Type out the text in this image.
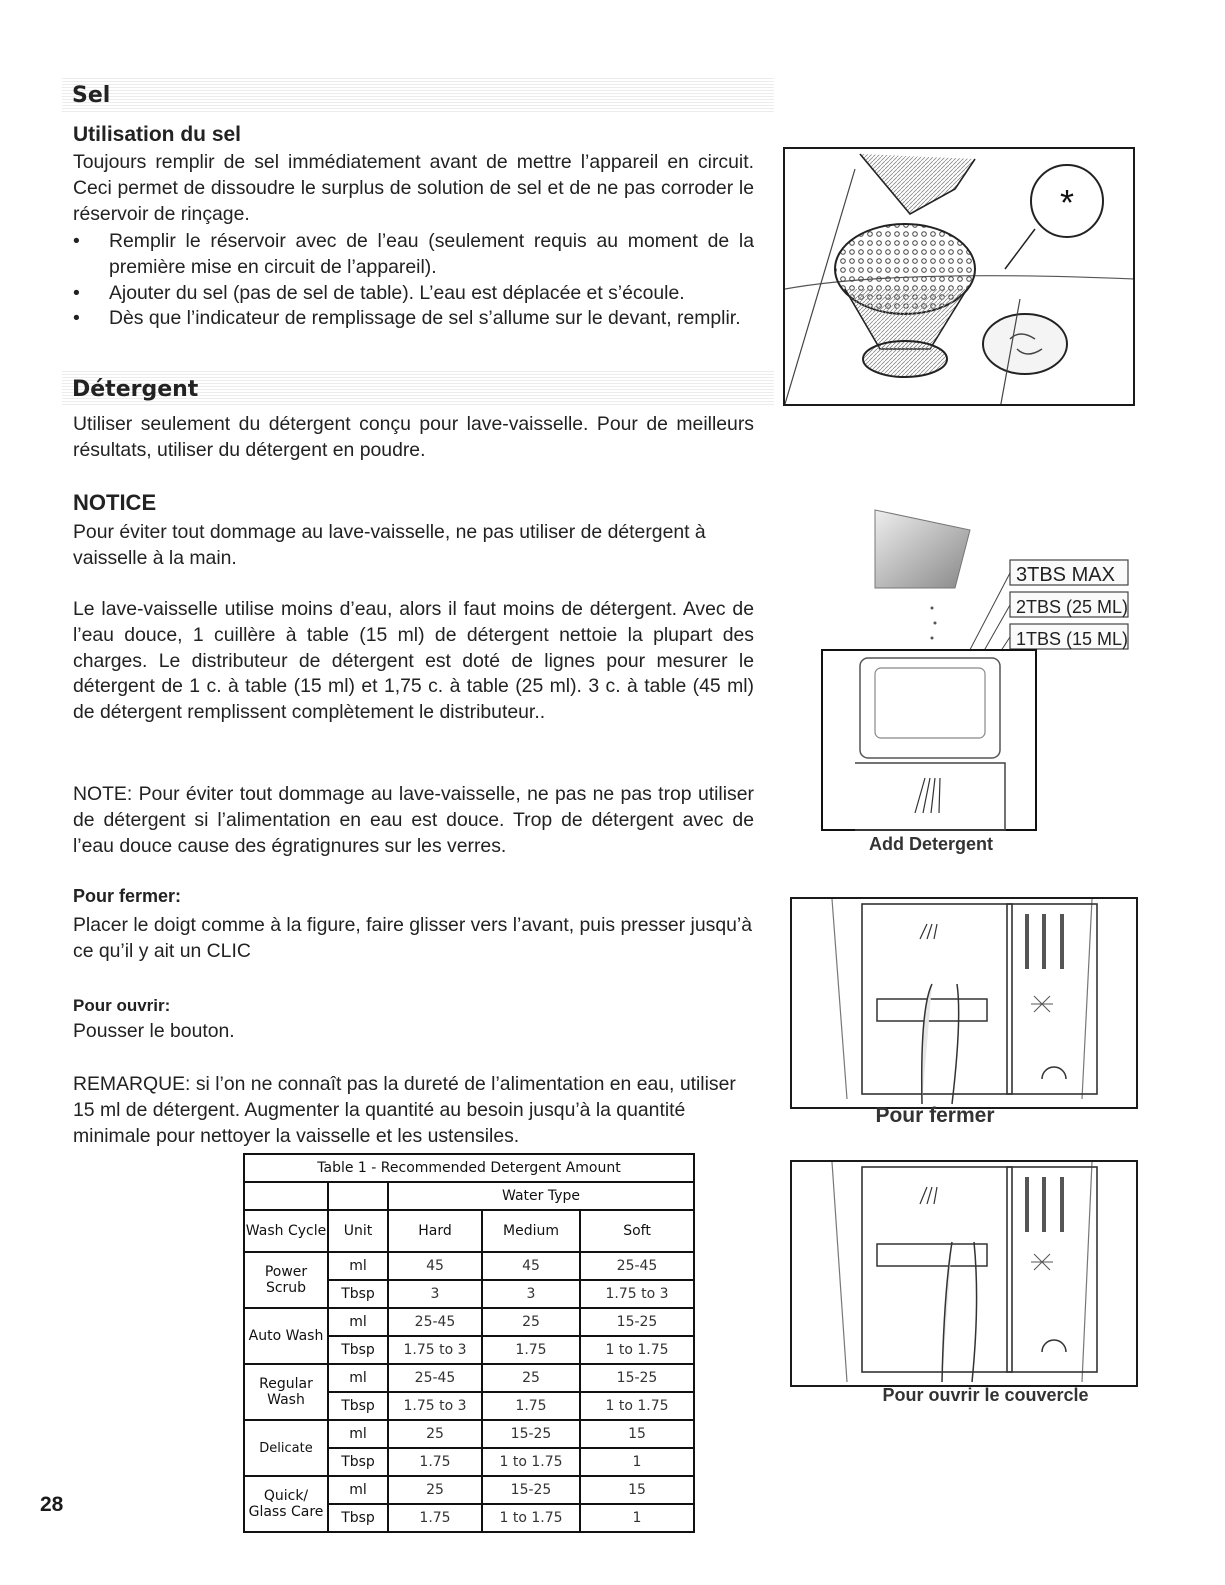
Sel
Utilisation du sel

Toujours remplir de sel immédiatement avant de mettre l’appareil en circuit. Ceci permet de dissoudre le surplus de solution de sel et de ne pas corroder le réservoir de rinçage.

• Remplir le réservoir avec de l’eau (seulement requis au moment de la première mise en circuit de l’appareil).
• Ajouter du sel (pas de sel de table). L’eau est déplacée et s’écoule.
• Dès que l’indicateur de remplissage de sel s’allume sur le devant, remplir.
Détergent

Utiliser seulement du détergent conçu pour lave-vaisselle. Pour de meilleurs résultats, utiliser du détergent en poudre.

NOTICE

Pour éviter tout dommage au lave-vaisselle, ne pas utiliser de détergent à vaisselle à la main.

Le lave-vaisselle utilise moins d’eau, alors il faut moins de détergent. Avec de l’eau douce, 1 cuillère à table (15 ml) de détergent nettoie la plupart des charges. Le distributeur de détergent est doté de lignes pour mesurer le détergent de 1 c. à table (15 ml) et 1,75 c. à table (25 ml). 3 c. à table (45 ml) de détergent remplissent complètement le distributeur..

NOTE: Pour éviter tout dommage au lave-vaisselle, ne pas ne pas trop utiliser de détergent si l’alimentation en eau est douce. Trop de détergent avec de l’eau douce cause des égratignures sur les verres.

Pour fermer:

Placer le doigt comme à la figure, faire glisser vers l’avant, puis presser jusqu’à ce qu’il y ait un CLIC

Pour ouvrir:

Pousser le bouton.

REMARQUE: si l’on ne connaît pas la dureté de l’alimentation en eau, utiliser 15 ml de détergent. Augmenter la quantité au besoin jusqu’à la quantité minimale pour nettoyer la vaisselle et les ustensiles.

Table 1 - Recommended Detergent Amount				
		Water Type		
Wash Cycle	Unit	Hard	Medium	Soft
Power Scrub	ml	45	45	25-45
	Tbsp	3	3	1.75 to 3
Auto Wash	ml	25-45	25	15-25
	Tbsp	1.75 to 3	1.75	1 to 1.75
Regular Wash	ml	25-45	25	15-25
	Tbsp	1.75 to 3	1.75	1 to 1.75
Delicate	ml	25	15-25	15
	Tbsp	1.75	1 to 1.75	1
Quick/ Glass Care	ml	25	15-25	15
	Tbsp	1.75	1 to 1.75	1
28
*
3TBS MAX
2TBS (25 ML)
1TBS (15 ML)
Add Detergent
Pour fermer
Pour ouvrir le couvercle
